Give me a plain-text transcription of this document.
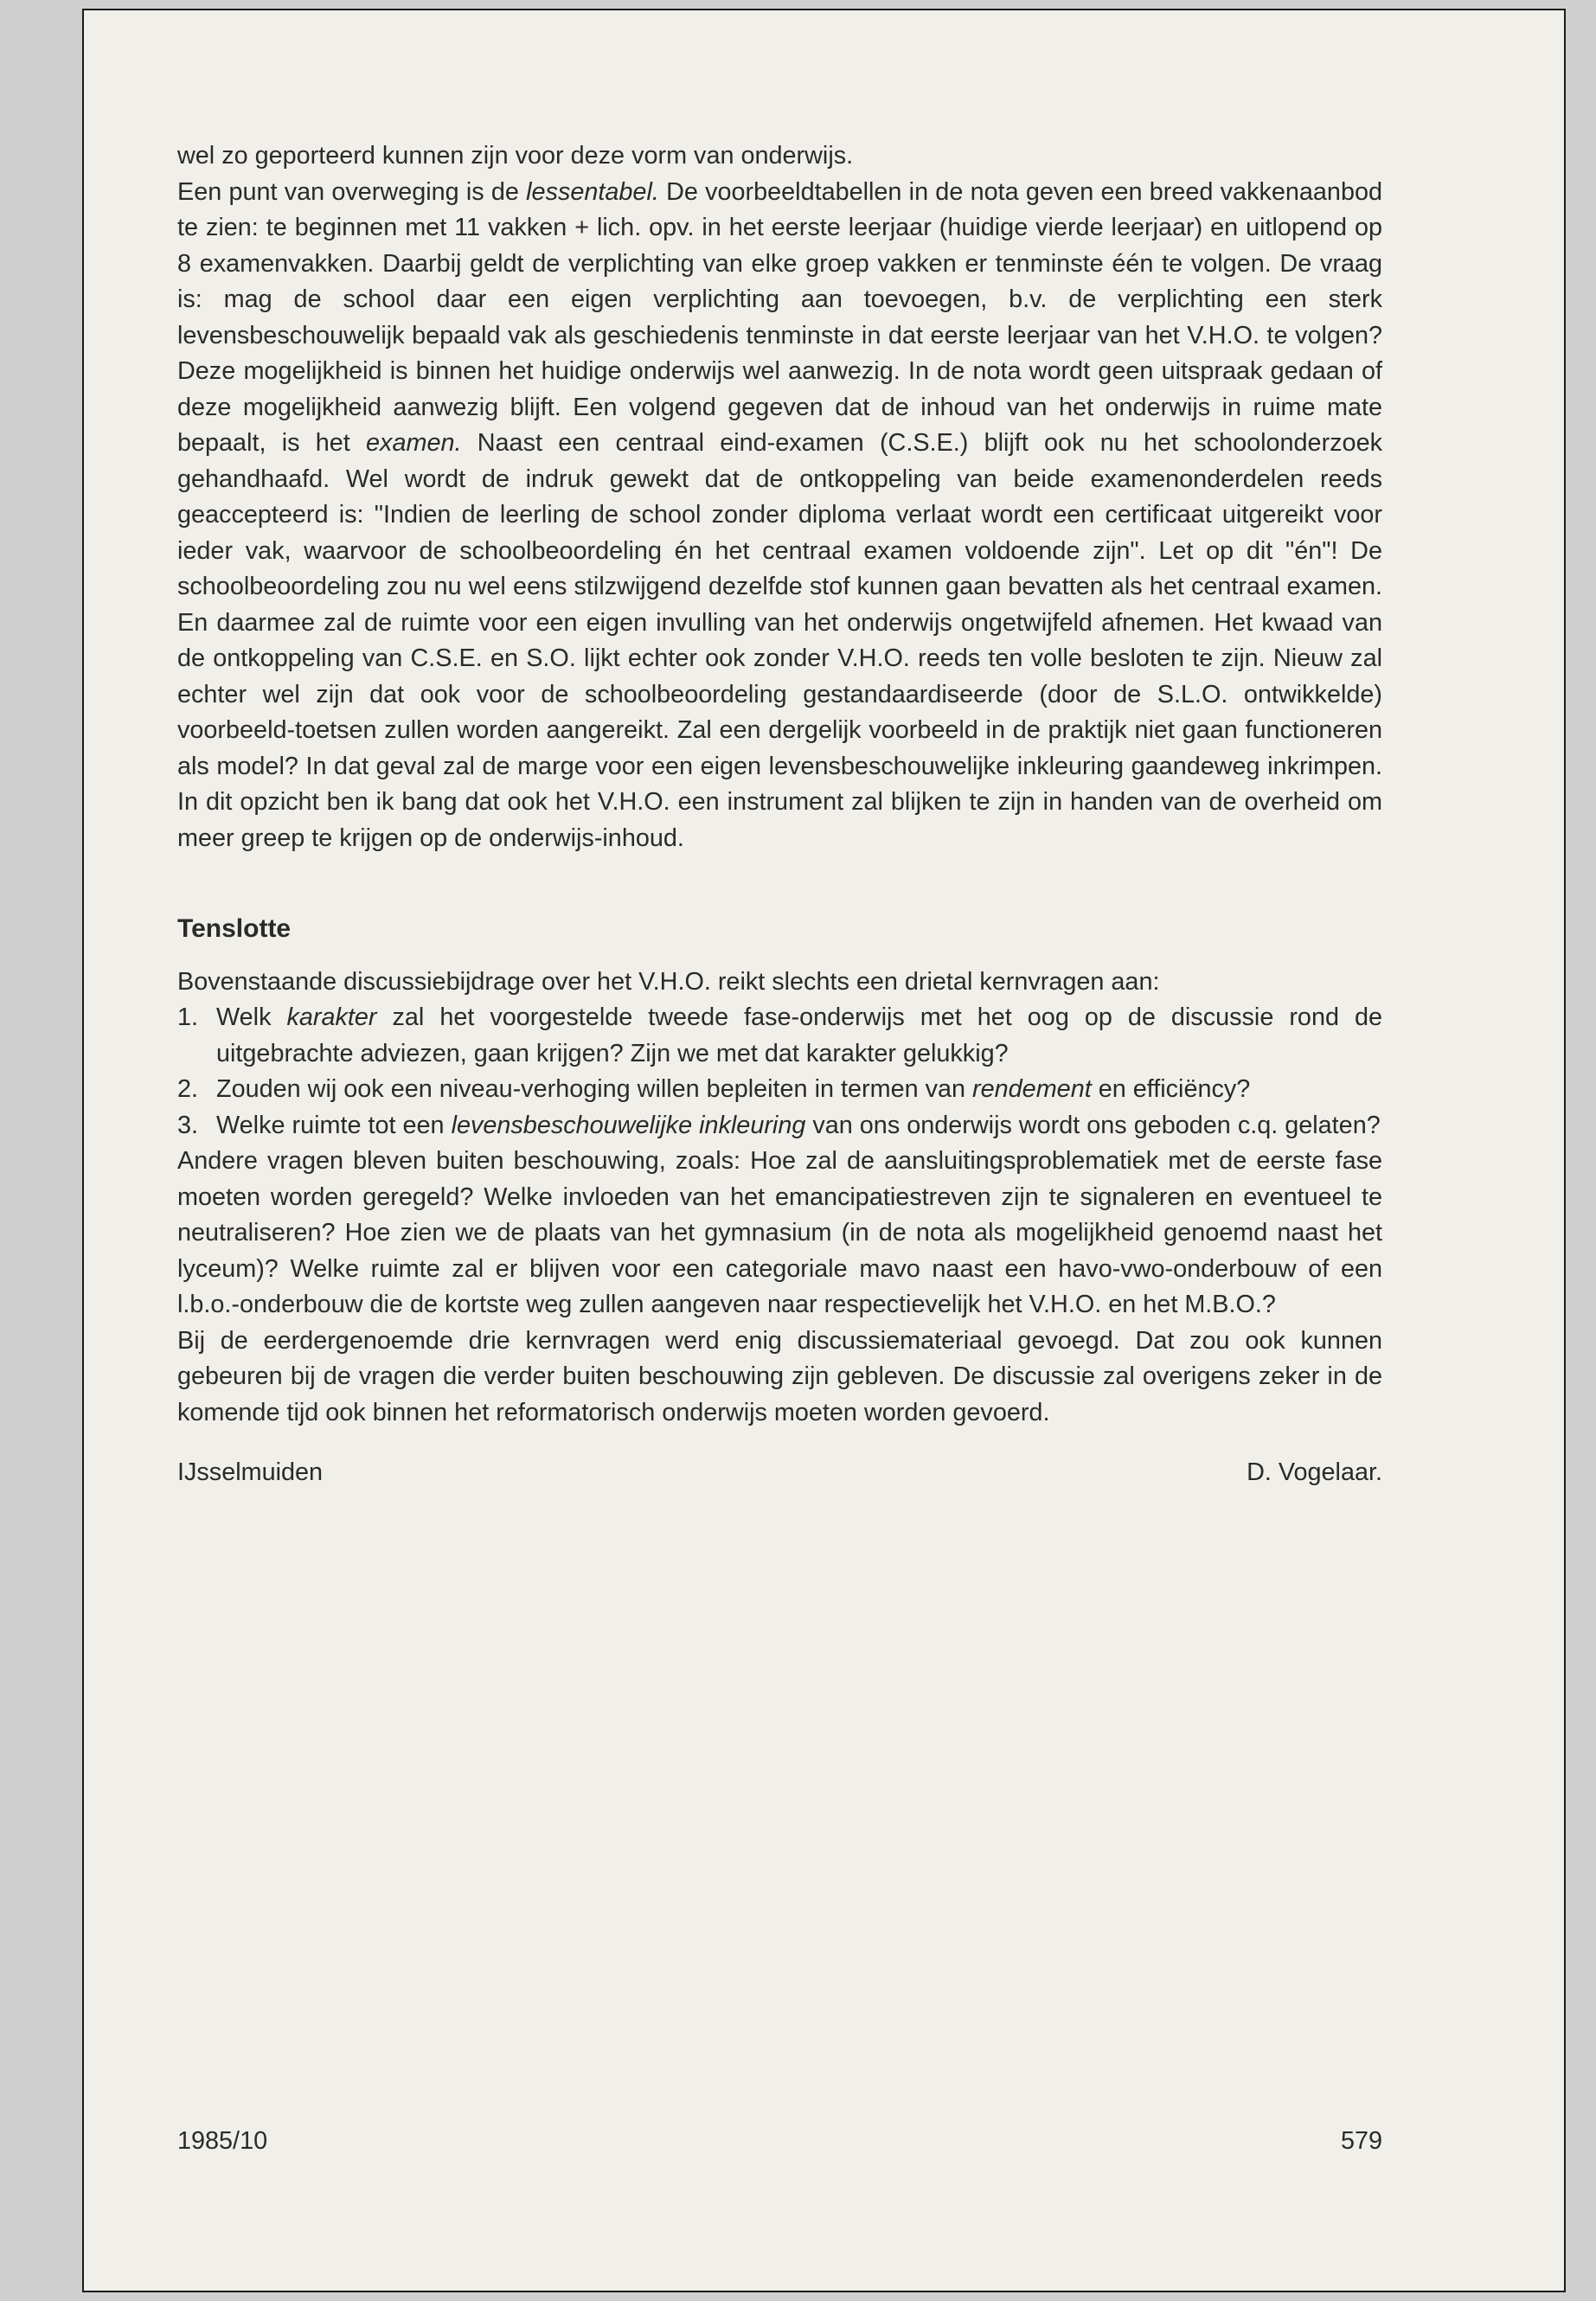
wel zo geporteerd kunnen zijn voor deze vorm van onderwijs.

Een punt van overweging is de lessentabel. De voorbeeldtabellen in de nota geven een breed vakkenaanbod te zien: te beginnen met 11 vakken + lich. opv. in het eerste leerjaar (huidige vierde leerjaar) en uitlopend op 8 examenvakken. Daarbij geldt de verplichting van elke groep vakken er tenminste één te volgen. De vraag is: mag de school daar een eigen verplichting aan toevoegen, b.v. de verplichting een sterk levensbeschouwelijk bepaald vak als geschiedenis tenminste in dat eerste leerjaar van het V.H.O. te volgen? Deze mogelijkheid is binnen het huidige onderwijs wel aanwezig. In de nota wordt geen uitspraak gedaan of deze mogelijkheid aanwezig blijft. Een volgend gegeven dat de inhoud van het onderwijs in ruime mate bepaalt, is het examen. Naast een centraal eind-examen (C.S.E.) blijft ook nu het schoolonderzoek gehandhaafd. Wel wordt de indruk gewekt dat de ontkoppeling van beide examenonderdelen reeds geaccepteerd is: "Indien de leerling de school zonder diploma verlaat wordt een certificaat uitgereikt voor ieder vak, waarvoor de schoolbeoordeling én het centraal examen voldoende zijn". Let op dit "én"! De schoolbeoordeling zou nu wel eens stilzwijgend dezelfde stof kunnen gaan bevatten als het centraal examen. En daarmee zal de ruimte voor een eigen invulling van het onderwijs ongetwijfeld afnemen. Het kwaad van de ontkoppeling van C.S.E. en S.O. lijkt echter ook zonder V.H.O. reeds ten volle besloten te zijn. Nieuw zal echter wel zijn dat ook voor de schoolbeoordeling gestandaardiseerde (door de S.L.O. ontwikkelde) voorbeeld-toetsen zullen worden aangereikt. Zal een dergelijk voorbeeld in de praktijk niet gaan functioneren als model? In dat geval zal de marge voor een eigen levensbeschouwelijke inkleuring gaandeweg inkrimpen. In dit opzicht ben ik bang dat ook het V.H.O. een instrument zal blijken te zijn in handen van de overheid om meer greep te krijgen op de onderwijs-inhoud.

Tenslotte

Bovenstaande discussiebijdrage over het V.H.O. reikt slechts een drietal kernvragen aan:

1. Welk karakter zal het voorgestelde tweede fase-onderwijs met het oog op de discussie rond de uitgebrachte adviezen, gaan krijgen? Zijn we met dat karakter gelukkig?
2. Zouden wij ook een niveau-verhoging willen bepleiten in termen van rendement en efficiëncy?
3. Welke ruimte tot een levensbeschouwelijke inkleuring van ons onderwijs wordt ons geboden c.q. gelaten?

Andere vragen bleven buiten beschouwing, zoals: Hoe zal de aansluitingsproblematiek met de eerste fase moeten worden geregeld? Welke invloeden van het emancipatiestreven zijn te signaleren en eventueel te neutraliseren? Hoe zien we de plaats van het gymnasium (in de nota als mogelijkheid genoemd naast het lyceum)? Welke ruimte zal er blijven voor een categoriale mavo naast een havo-vwo-onderbouw of een l.b.o.-onderbouw die de kortste weg zullen aangeven naar respectievelijk het V.H.O. en het M.B.O.?

Bij de eerdergenoemde drie kernvragen werd enig discussiemateriaal gevoegd. Dat zou ook kunnen gebeuren bij de vragen die verder buiten beschouwing zijn gebleven. De discussie zal overigens zeker in de komende tijd ook binnen het reformatorisch onderwijs moeten worden gevoerd.

IJsselmuiden	D. Vogelaar.
1985/10	579
